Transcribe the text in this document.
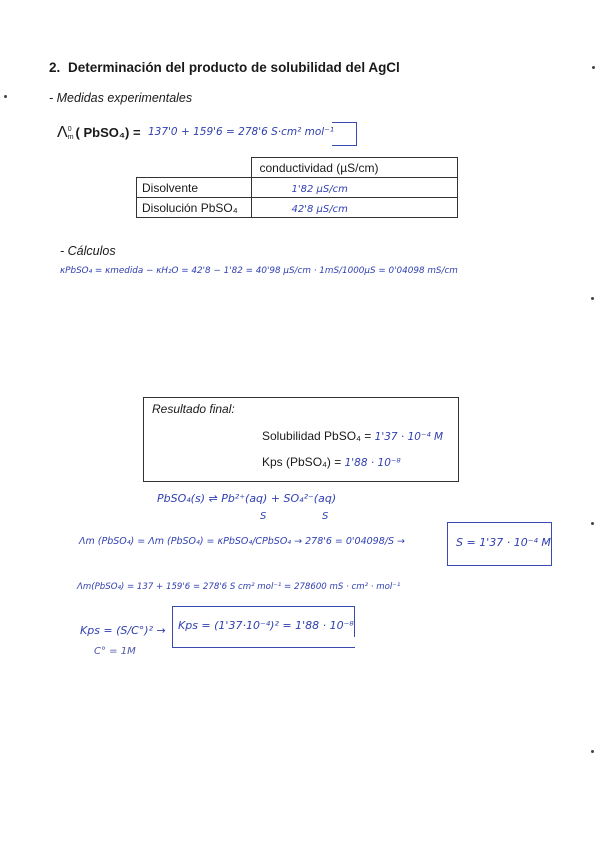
2. Determinación del producto de solubilidad del AgCl
- Medidas experimentales
Λ 0
m ( PbSO₄) = 137'0 + 159'6 = 278'6 S·cm² mol⁻¹
	conductividad (µS/cm)
Disolvente	1'82 µS/cm
Disolución PbSO₄	42'8 µS/cm
- Cálculos
κPbSO₄ = κmedida − κH₂O = 42'8 − 1'82 = 40'98 µS/cm · 1mS/1000µS = 0'04098 mS/cm
Resultado final:
Solubilidad PbSO₄ = 1'37 · 10⁻⁴ M
Kps (PbSO₄) = 1'88 · 10⁻⁸
PbSO₄(s) ⇌ Pb²⁺(aq) + SO₄²⁻(aq)
S	S
Λm (PbSO₄) = Λm (PbSO₄) = κPbSO₄/CPbSO₄ → 278'6 = 0'04098/S →	S = 1'37 · 10⁻⁴ M
Λm(PbSO₄) = 137 + 159'6 = 278'6 S cm² mol⁻¹ = 278600 mS · cm² · mol⁻¹
Kps = (S/C°)² → Kps = (1'37·10⁻⁴)² = 1'88 · 10⁻⁸
C° = 1M
